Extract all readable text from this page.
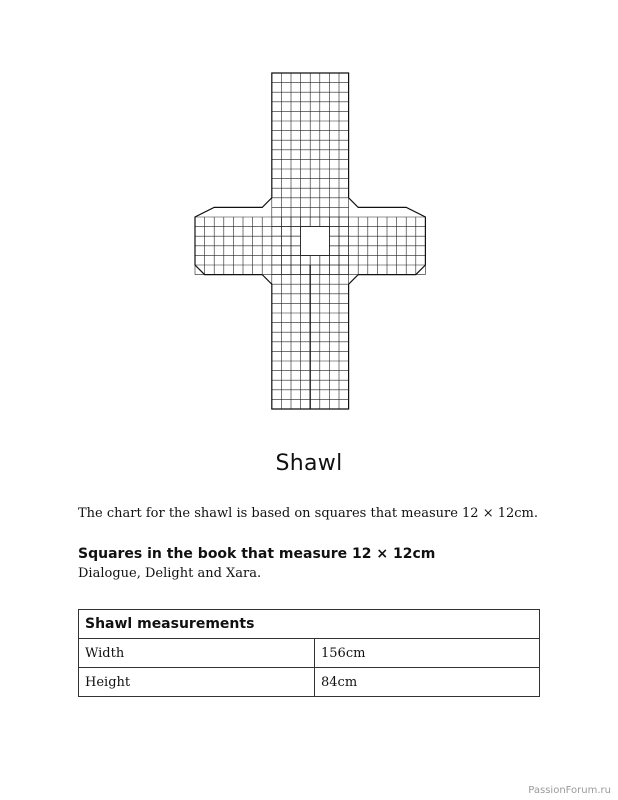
Shawl

The chart for the shawl is based on squares that measure 12 × 12cm.

Squares in the book that measure 12 × 12cm

Dialogue, Delight and Xara.

Shawl measurements	
Width	156cm
Height	84cm
PassionForum.ru
